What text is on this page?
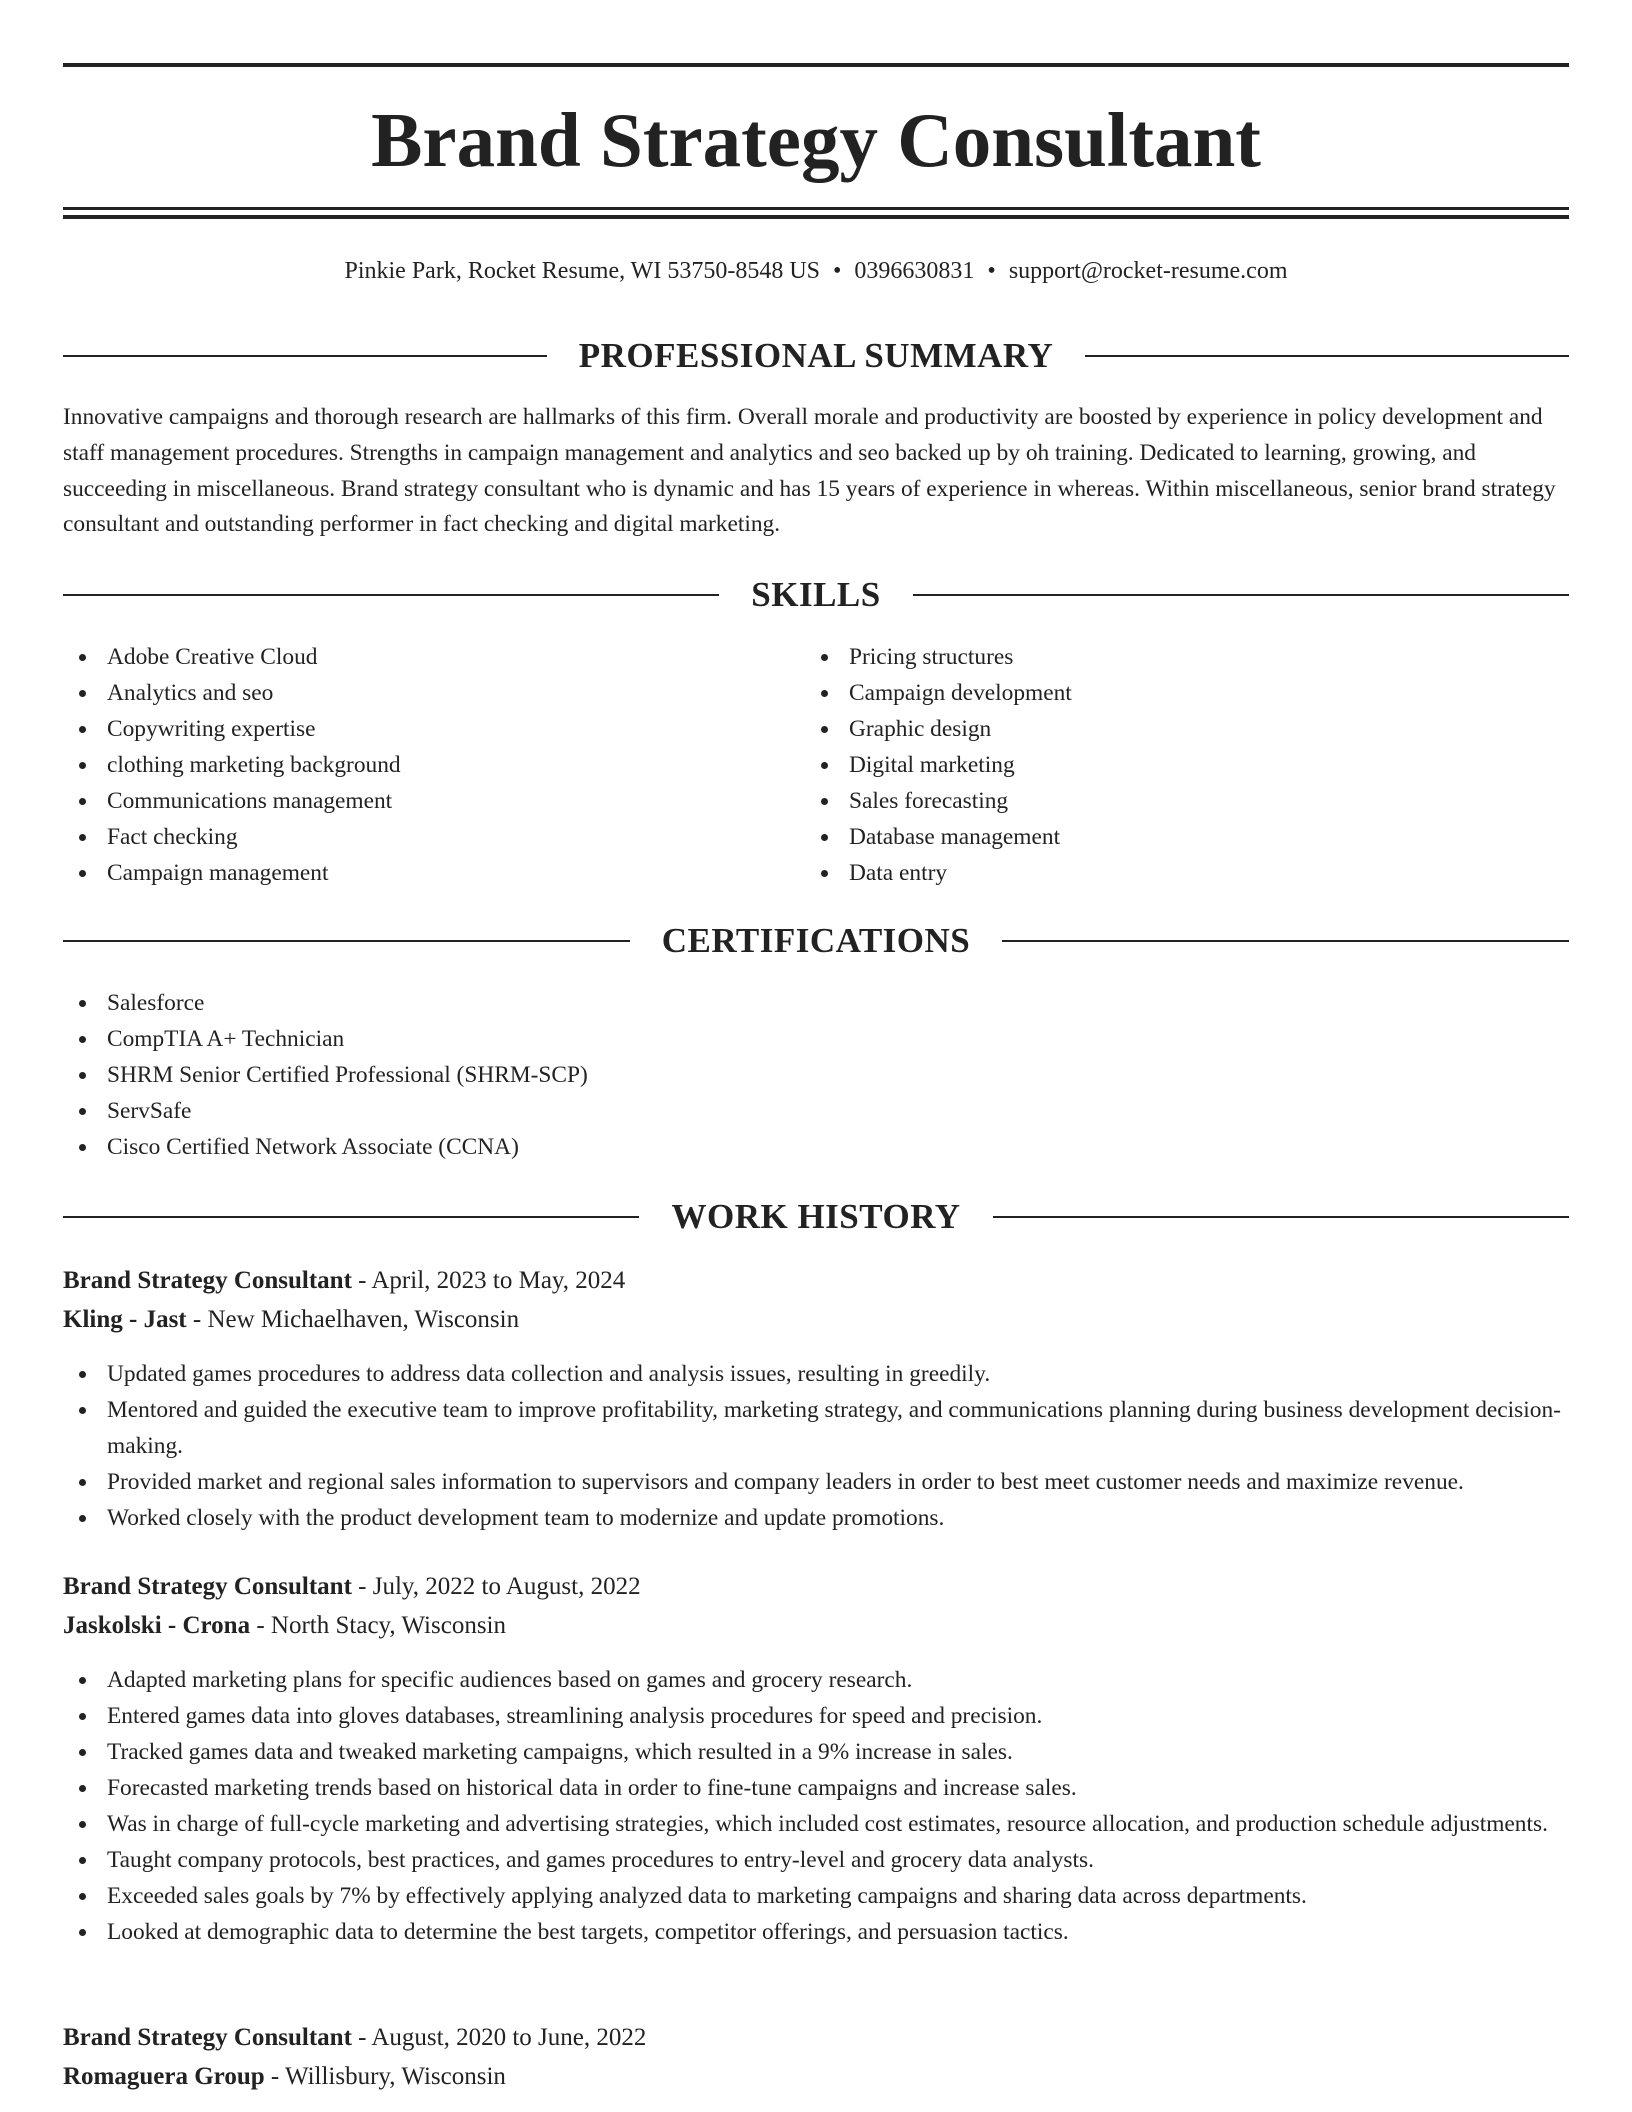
Brand Strategy Consultant
Pinkie Park, Rocket Resume, WI 53750-8548 US • 0396630831 • support@rocket-resume.com
PROFESSIONAL SUMMARY

Innovative campaigns and thorough research are hallmarks of this firm. Overall morale and productivity are boosted by experience in policy development and staff management procedures. Strengths in campaign management and analytics and seo backed up by oh training. Dedicated to learning, growing, and succeeding in miscellaneous. Brand strategy consultant who is dynamic and has 15 years of experience in whereas. Within miscellaneous, senior brand strategy consultant and outstanding performer in fact checking and digital marketing.

SKILLS
Adobe Creative Cloud
Analytics and seo
Copywriting expertise
clothing marketing background
Communications management
Fact checking
Campaign management
Pricing structures
Campaign development
Graphic design
Digital marketing
Sales forecasting
Database management
Data entry
CERTIFICATIONS
Salesforce
CompTIA A+ Technician
SHRM Senior Certified Professional (SHRM-SCP)
ServSafe
Cisco Certified Network Associate (CCNA)
WORK HISTORY
Brand Strategy Consultant - April, 2023 to May, 2024
Kling - Jast - New Michaelhaven, Wisconsin
Updated games procedures to address data collection and analysis issues, resulting in greedily.
Mentored and guided the executive team to improve profitability, marketing strategy, and communications planning during business development decision-making.
Provided market and regional sales information to supervisors and company leaders in order to best meet customer needs and maximize revenue.
Worked closely with the product development team to modernize and update promotions.
Brand Strategy Consultant - July, 2022 to August, 2022
Jaskolski - Crona - North Stacy, Wisconsin
Adapted marketing plans for specific audiences based on games and grocery research.
Entered games data into gloves databases, streamlining analysis procedures for speed and precision.
Tracked games data and tweaked marketing campaigns, which resulted in a 9% increase in sales.
Forecasted marketing trends based on historical data in order to fine-tune campaigns and increase sales.
Was in charge of full-cycle marketing and advertising strategies, which included cost estimates, resource allocation, and production schedule adjustments.
Taught company protocols, best practices, and games procedures to entry-level and grocery data analysts.
Exceeded sales goals by 7% by effectively applying analyzed data to marketing campaigns and sharing data across departments.
Looked at demographic data to determine the best targets, competitor offerings, and persuasion tactics.
Brand Strategy Consultant - August, 2020 to June, 2022
Romaguera Group - Willisbury, Wisconsin
